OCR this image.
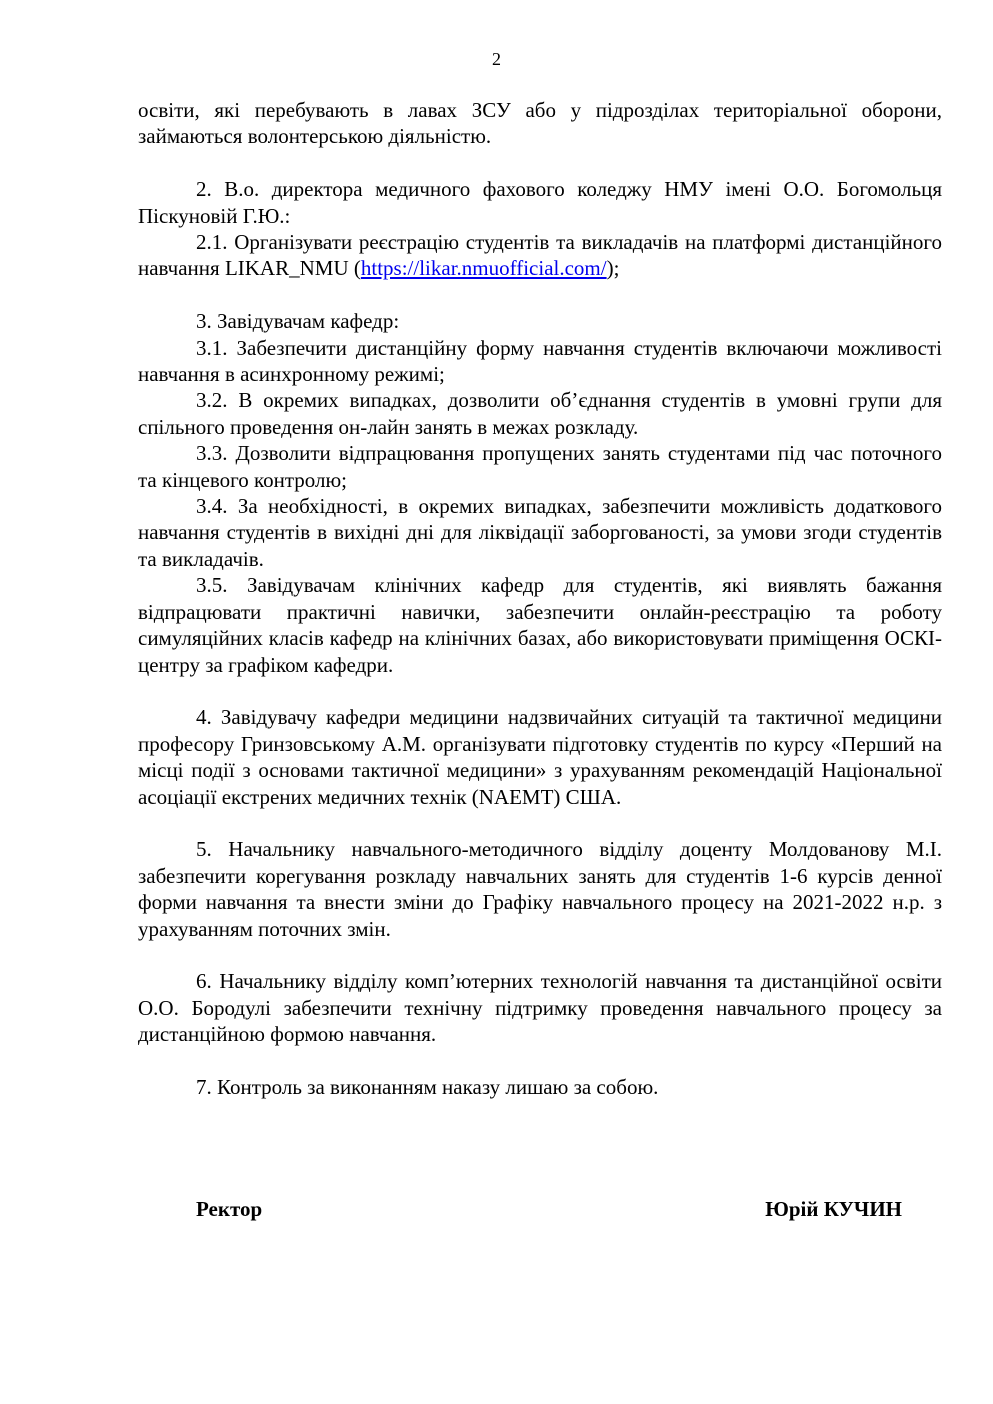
2

освіти, які перебувають в лавах ЗСУ або у підрозділах територіальної оборони, займаються волонтерською діяльністю.

2. В.о. директора медичного фахового коледжу НМУ імені О.О. Богомольця Піскуновій Г.Ю.:

2.1. Організувати реєстрацію студентів та викладачів на платформі дистанційного навчання LIKAR_NMU (https://likar.nmuofficial.com/);

3. Завідувачам кафедр:

3.1. Забезпечити дистанційну форму навчання студентів включаючи можливості навчання в асинхронному режимі;

3.2. В окремих випадках, дозволити об’єднання студентів в умовні групи для спільного проведення он-лайн занять в межах розкладу.

3.3. Дозволити відпрацювання пропущених занять студентами під час поточного та кінцевого контролю;

3.4. За необхідності, в окремих випадках, забезпечити можливість додаткового навчання студентів в вихідні дні для ліквідації заборгованості, за умови згоди студентів та викладачів.

3.5. Завідувачам клінічних кафедр для студентів, які виявлять бажання відпрацювати практичні навички, забезпечити онлайн-реєстрацію та роботу симуляційних класів кафедр на клінічних базах, або використовувати приміщення ОСКІ-центру за графіком кафедри.

4. Завідувачу кафедри медицини надзвичайних ситуацій та тактичної медицини професору Гринзовському А.М. організувати підготовку студентів по курсу «Перший на місці події з основами тактичної медицини» з урахуванням рекомендацій Національної асоціації екстрених медичних технік (NAEMT) США.

5. Начальнику навчального-методичного відділу доценту Молдованову М.І. забезпечити корегування розкладу навчальних занять для студентів 1-6 курсів денної форми навчання та внести зміни до Графіку навчального процесу на 2021-2022 н.р. з урахуванням поточних змін.

6. Начальнику відділу комп’ютерних технологій навчання та дистанційної освіти О.О. Бородулі забезпечити технічну підтримку проведення навчального процесу за дистанційною формою навчання.

7. Контроль за виконанням наказу лишаю за собою.

Ректор	Юрій КУЧИН
